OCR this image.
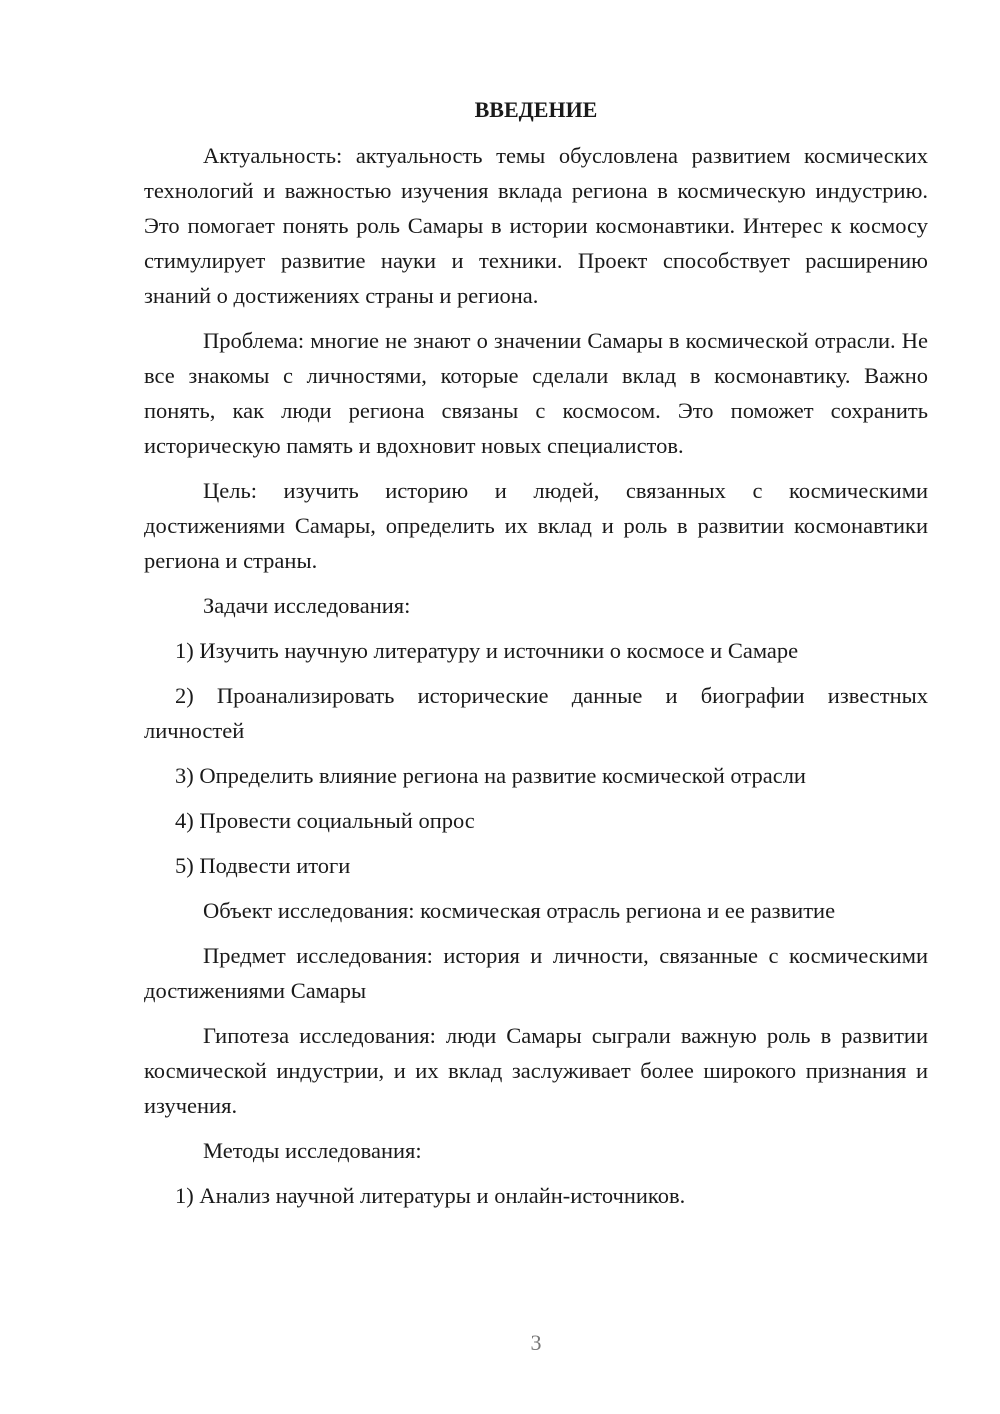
ВВЕДЕНИЕ

Актуальность: актуальность темы обусловлена развитием космических технологий и важностью изучения вклада региона в космическую индустрию. Это помогает понять роль Самары в истории космонавтики. Интерес к космосу стимулирует развитие науки и техники. Проект способствует расширению знаний о достижениях страны и региона.

Проблема: многие не знают о значении Самары в космической отрасли. Не все знакомы с личностями, которые сделали вклад в космонавтику. Важно понять, как люди региона связаны с космосом. Это поможет сохранить историческую память и вдохновит новых специалистов.

Цель: изучить историю и людей, связанных с космическими достижениями Самары, определить их вклад и роль в развитии космонавтики региона и страны.

Задачи исследования:

1) Изучить научную литературу и источники о космосе и Самаре

2) Проанализировать исторические данные и биографии известных личностей

3) Определить влияние региона на развитие космической отрасли

4) Провести социальный опрос

5) Подвести итоги

Объект исследования: космическая отрасль региона и ее развитие

Предмет исследования: история и личности, связанные с космическими достижениями Самары

Гипотеза исследования: люди Самары сыграли важную роль в развитии космической индустрии, и их вклад заслуживает более широкого признания и изучения.

Методы исследования:

1) Анализ научной литературы и онлайн-источников.

3
